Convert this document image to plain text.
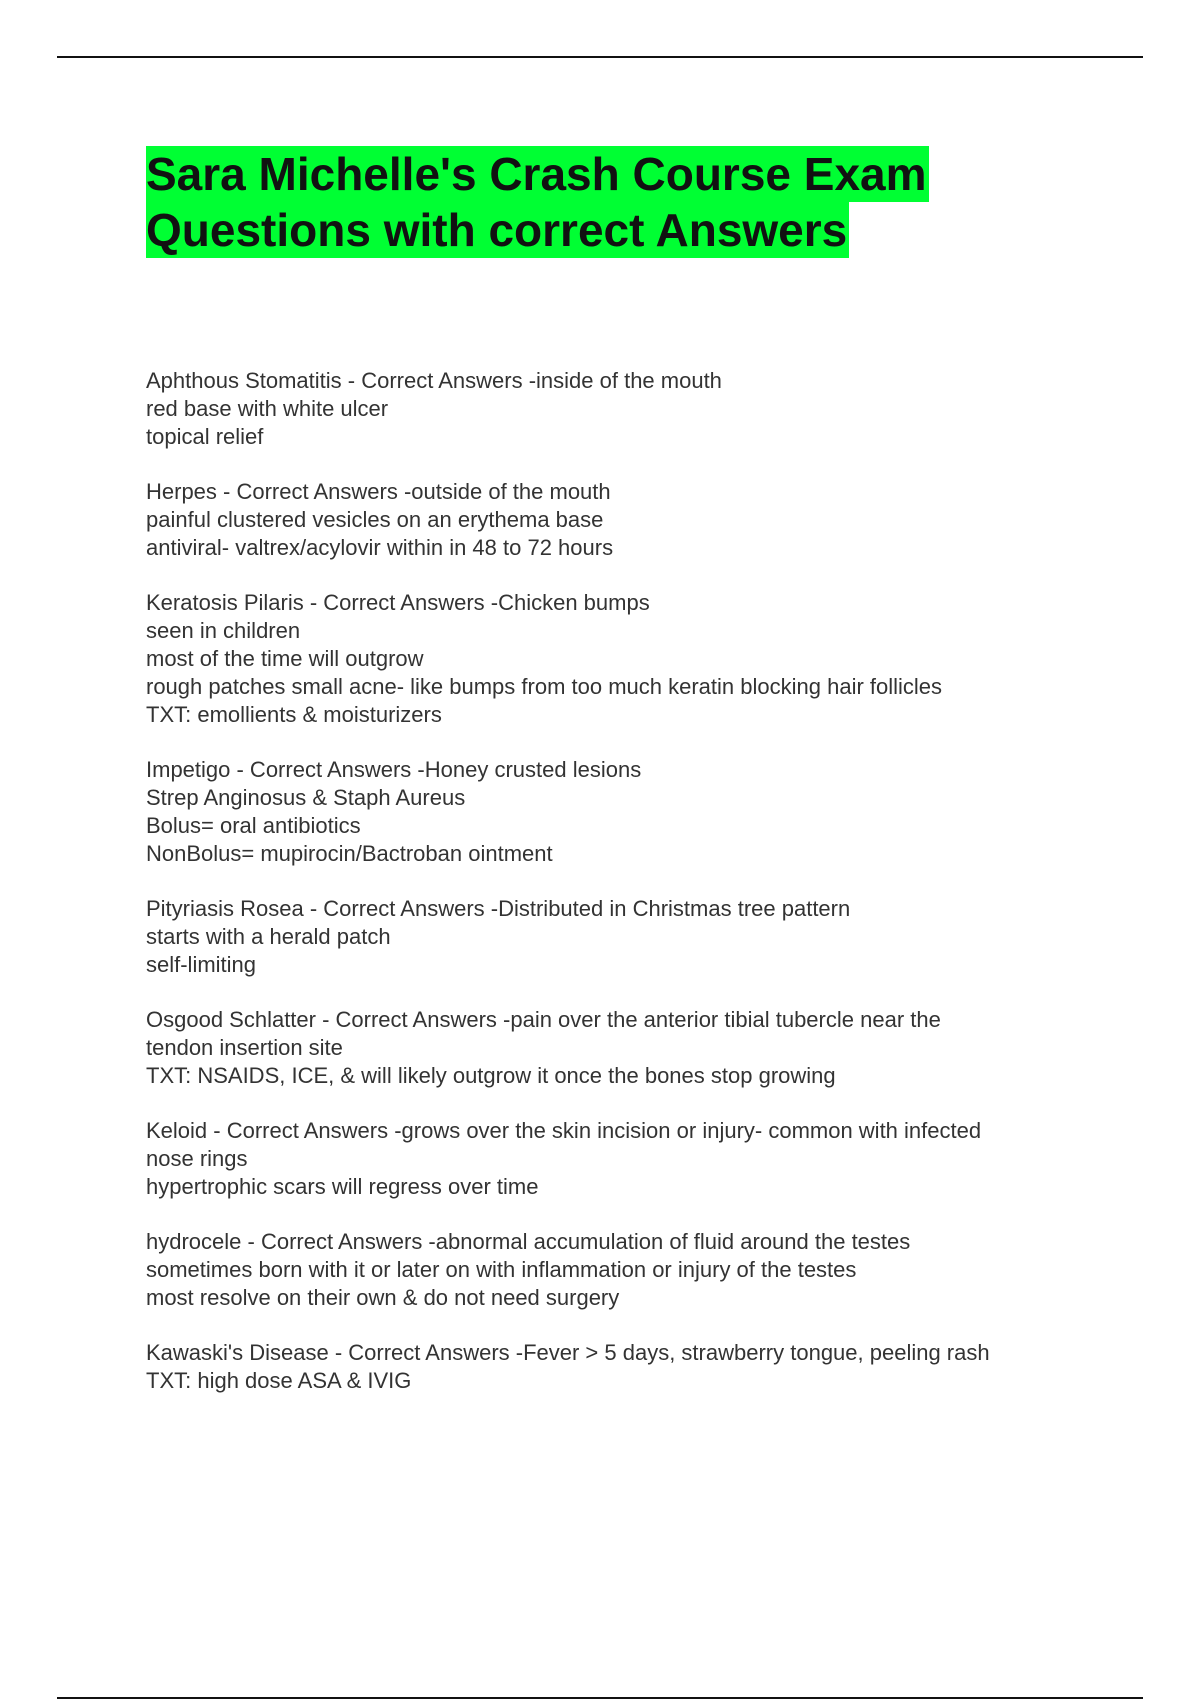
Sara Michelle's Crash Course Exam
Questions with correct Answers
Aphthous Stomatitis - Correct Answers -inside of the mouth
red base with white ulcer
topical relief
Herpes - Correct Answers -outside of the mouth
painful clustered vesicles on an erythema base
antiviral- valtrex/acylovir within in 48 to 72 hours
Keratosis Pilaris - Correct Answers -Chicken bumps
seen in children
most of the time will outgrow
rough patches small acne- like bumps from too much keratin blocking hair follicles
TXT: emollients & moisturizers
Impetigo - Correct Answers -Honey crusted lesions
Strep Anginosus & Staph Aureus
Bolus= oral antibiotics
NonBolus= mupirocin/Bactroban ointment
Pityriasis Rosea - Correct Answers -Distributed in Christmas tree pattern
starts with a herald patch
self-limiting
Osgood Schlatter - Correct Answers -pain over the anterior tibial tubercle near the
tendon insertion site
TXT: NSAIDS, ICE, & will likely outgrow it once the bones stop growing
Keloid - Correct Answers -grows over the skin incision or injury- common with infected
nose rings
hypertrophic scars will regress over time
hydrocele - Correct Answers -abnormal accumulation of fluid around the testes
sometimes born with it or later on with inflammation or injury of the testes
most resolve on their own & do not need surgery
Kawaski's Disease - Correct Answers -Fever > 5 days, strawberry tongue, peeling rash
TXT: high dose ASA & IVIG
